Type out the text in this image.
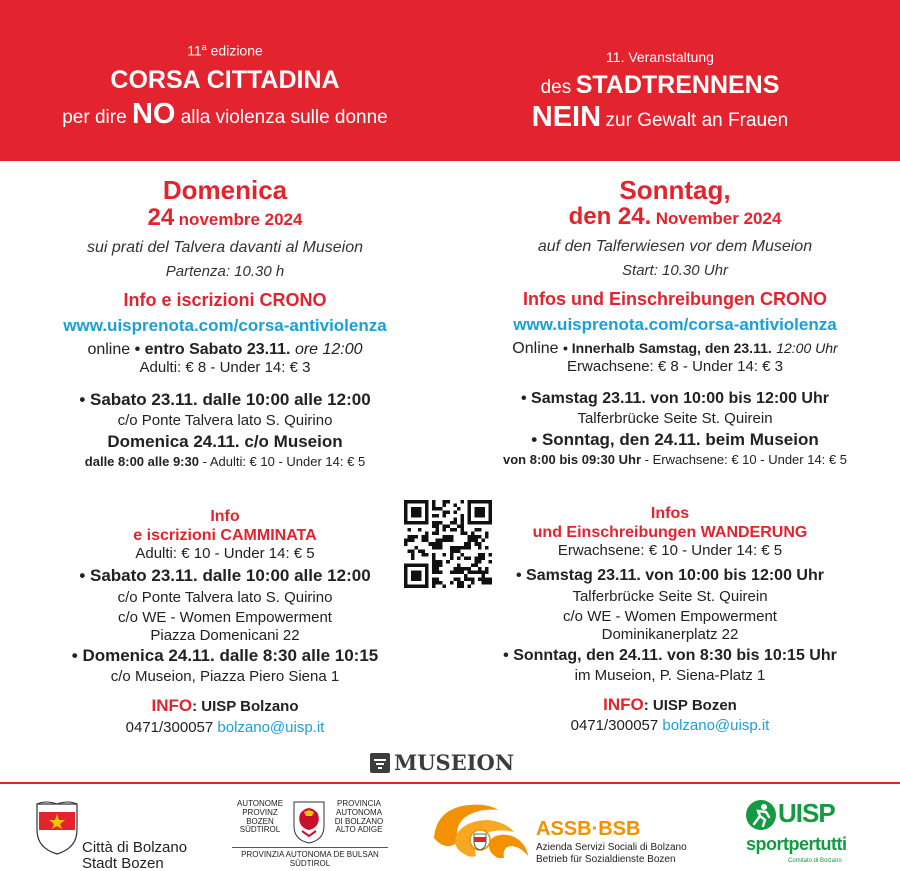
11$^a$ edizione
CORSA CITTADINA
per dire NO alla violenza sulle donne
11. Veranstaltung
des STADTRENNENS
NEIN zur Gewalt an Frauen
Domenica
24 novembre 2024
sui prati del Talvera davanti al Museion
Partenza: 10.30 h
Info e iscrizioni CRONO
www.uisprenota.com/corsa-antiviolenza
online • entro Sabato 23.11. ore 12:00
Adulti: € 8 - Under 14: € 3
• Sabato 23.11. dalle 10:00 alle 12:00
c/o Ponte Talvera lato S. Quirino
Domenica 24.11. c/o Museion
dalle 8:00 alle 9:30 - Adulti: € 10 - Under 14: € 5
Info
e iscrizioni CAMMINATA
Adulti: € 10 - Under 14: € 5
• Sabato 23.11. dalle 10:00 alle 12:00
c/o Ponte Talvera lato S. Quirino
c/o WE - Women Empowerment
Piazza Domenicani 22
• Domenica 24.11. dalle 8:30 alle 10:15
c/o Museion, Piazza Piero Siena 1
INFO: UISP Bolzano
0471/300057 bolzano@uisp.it
Sonntag,
den 24. November 2024
auf den Talferwiesen vor dem Museion
Start: 10.30 Uhr
Infos und Einschreibungen CRONO
www.uisprenota.com/corsa-antiviolenza
Online • Innerhalb Samstag, den 23.11. 12:00 Uhr
Erwachsene: € 8 - Under 14: € 3
• Samstag 23.11. von 10:00 bis 12:00 Uhr
Talferbrücke Seite St. Quirein
• Sonntag, den 24.11. beim Museion
von 8:00 bis 09:30 Uhr - Erwachsene: € 10 - Under 14: € 5
Infos
und Einschreibungen WANDERUNG
Erwachsene: € 10 - Under 14: € 5
• Samstag 23.11. von 10:00 bis 12:00 Uhr
Talferbrücke Seite St. Quirein
c/o WE - Women Empowerment
Dominikanerplatz 22
• Sonntag, den 24.11. von 8:30 bis 10:15 Uhr
im Museion, P. Siena-Platz 1
INFO: UISP Bozen
0471/300057 bolzano@uisp.it
MUSEION
Città di Bolzano
Stadt Bozen
AUTONOME
PROVINZ
BOZEN
SÜDTIROL
PROVINCIA
AUTONOMA
DI BOLZANO
ALTO ADIGE
PROVINZIA AUTONOMA DE BULSAN
SÜDTIROL
ASSB·BSB
Azienda Servizi Sociali di Bolzano
Betrieb für Sozialdienste Bozen
UISP
sportpertutti
Comitato di Bolzano
